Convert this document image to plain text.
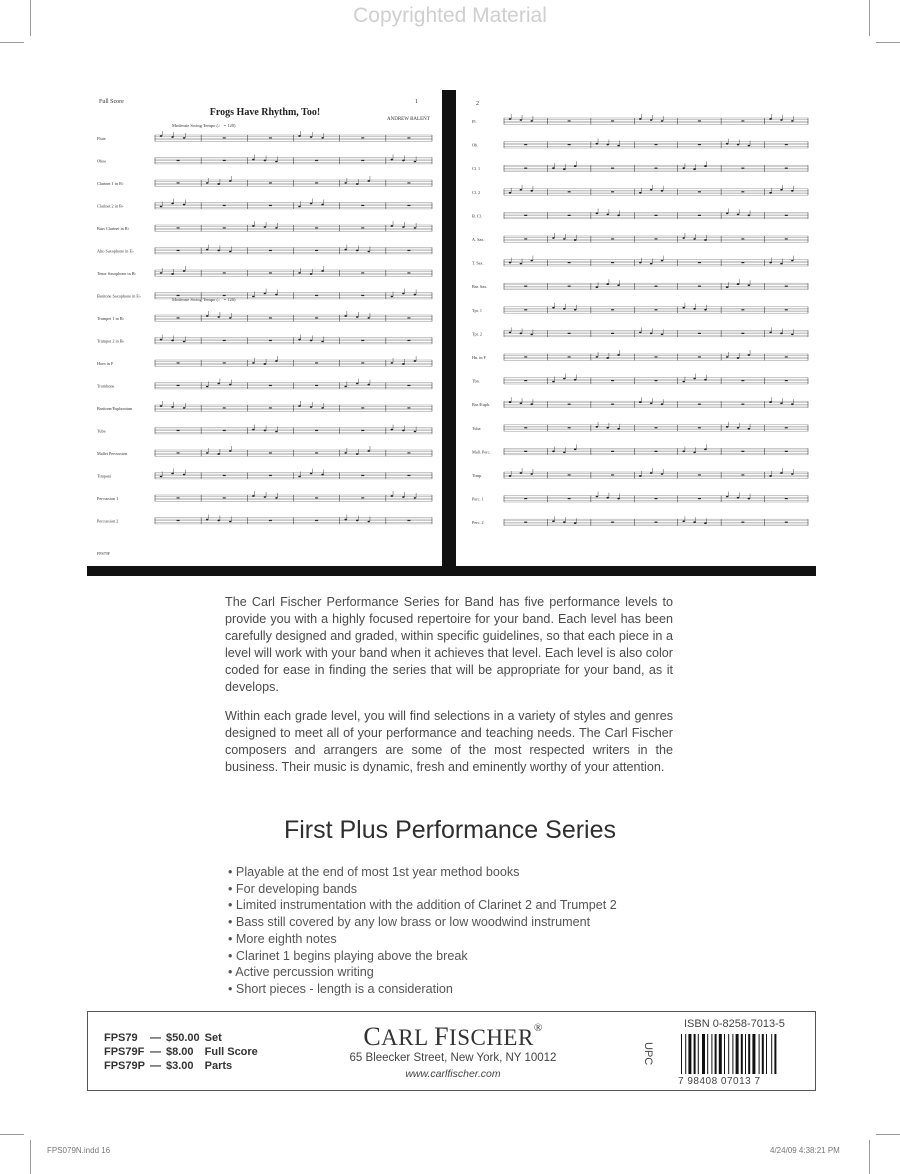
Copyrighted Material
Full Score
Frogs Have Rhythm, Too!
ANDREW BALENT
1
Moderate Swing Tempo (♩ = 120)
Moderate Swing Tempo (♩ = 120)
FPS79F
Flute
Oboe
Clarinet 1 in B♭
Clarinet 2 in B♭
Bass Clarinet in B♭
Alto Saxophone in E♭
Tenor Saxophone in B♭
Baritone Saxophone in E♭
Trumpet 1 in B♭
Trumpet 2 in B♭
Horn in F
Trombone
Baritone/Euphonium
Tuba
Mallet Percussion
Timpani
Percussion 1
Percussion 2
2
Fl.
Ob.
Cl. 1
Cl. 2
B. Cl.
A. Sax.
T. Sax.
Bar. Sax.
Tpt. 1
Tpt. 2
Hn. in F
Tbn.
Bar./Euph.
Tuba
Mall. Perc.
Timp.
Perc. 1
Perc. 2

The Carl Fischer Performance Series for Band has five performance levels to provide you with a highly focused repertoire for your band. Each level has been carefully designed and graded, within specific guidelines, so that each piece in a level will work with your band when it achieves that level. Each level is also color coded for ease in finding the series that will be appropriate for your band, as it develops.

Within each grade level, you will find selections in a variety of styles and genres designed to meet all of your performance and teaching needs. The Carl Fischer composers and arrangers are some of the most respected writers in the business. Their music is dynamic, fresh and eminently worthy of your attention.

First Plus Performance Series
• Playable at the end of most 1st year method books
• For developing bands
• Limited instrumentation with the addition of Clarinet 2 and Trumpet 2
• Bass still covered by any low brass or low woodwind instrument
• More eighth notes
• Clarinet 1 begins playing above the break
• Active percussion writing
• Short pieces - length is a consideration
FPS79	—	$50.00	Set
FPS79F	—	$8.00	Full Score
FPS79P	—	$3.00	Parts
CARL FISCHER®
65 Bleecker Street, New York, NY 10012
www.carlfischer.com
ISBN 0-8258-7013-5
UPC
7 98408 07013 7
FPS079N.indd 16	4/24/09 4:38:21 PM
